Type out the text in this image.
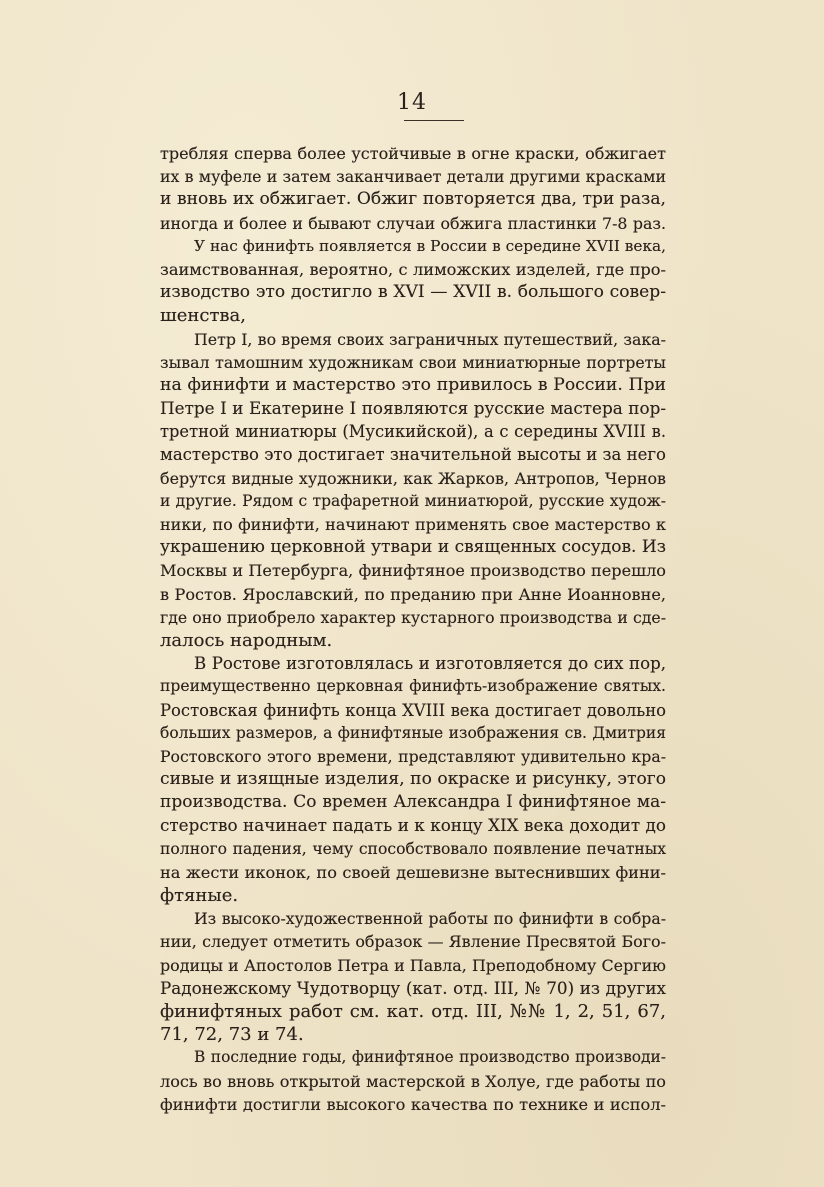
14
требляя сперва более устойчивые в огне краски, обжигает
их в муфеле и затем заканчивает детали другими красками
и вновь их обжигает. Обжиг повторяется два, три раза,
иногда и более и бывают случаи обжига пластинки 7-8 раз.
У нас финифть появляется в России в середине XVII века,
заимствованная, вероятно, с лиможских изделей, где про-
изводство это достигло в XVI — XVII в. большого совер-
шенства,
Петр I, во время своих заграничных путешествий, зака-
зывал тамошним художникам свои миниатюрные портреты
на финифти и мастерство это привилось в России. При
Петре I и Екатерине I появляются русские мастера пор-
третной миниатюры (Мусикийской), а с середины XVIII в.
мастерство это достигает значительной высоты и за него
берутся видные художники, как Жарков, Антропов, Чернов
и другие. Рядом с трафаретной миниатюрой, русские худож-
ники, по финифти, начинают применять свое мастерство к
украшению церковной утвари и священных сосудов. Из
Москвы и Петербурга, финифтяное производство перешло
в Ростов. Ярославский, по преданию при Анне Иоанновне,
где оно приобрело характер кустарного производства и сде-
лалось народным.
В Ростове изготовлялась и изготовляется до сих пор,
преимущественно церковная финифть-изображение святых.
Ростовская финифть конца XVIII века достигает довольно
больших размеров, а финифтяные изображения св. Дмитрия
Ростовского этого времени, представляют удивительно кра-
сивые и изящные изделия, по окраске и рисунку, этого
производства. Со времен Александра I финифтяное ма-
стерство начинает падать и к концу XIX века доходит до
полного падения, чему способствовало появление печатных
на жести иконок, по своей дешевизне вытеснивших фини-
фтяные.
Из высоко-художественной работы по финифти в собра-
нии, следует отметить образок — Явление Пресвятой Бого-
родицы и Апостолов Петра и Павла, Преподобному Сергию
Радонежскому Чудотворцу (кат. отд. III, № 70) из других
финифтяных работ см. кат. отд. III, №№ 1, 2, 51, 67,
71, 72, 73 и 74.
В последние годы, финифтяное производство производи-
лось во вновь открытой мастерской в Холуе, где работы по
финифти достигли высокого качества по технике и испол-
